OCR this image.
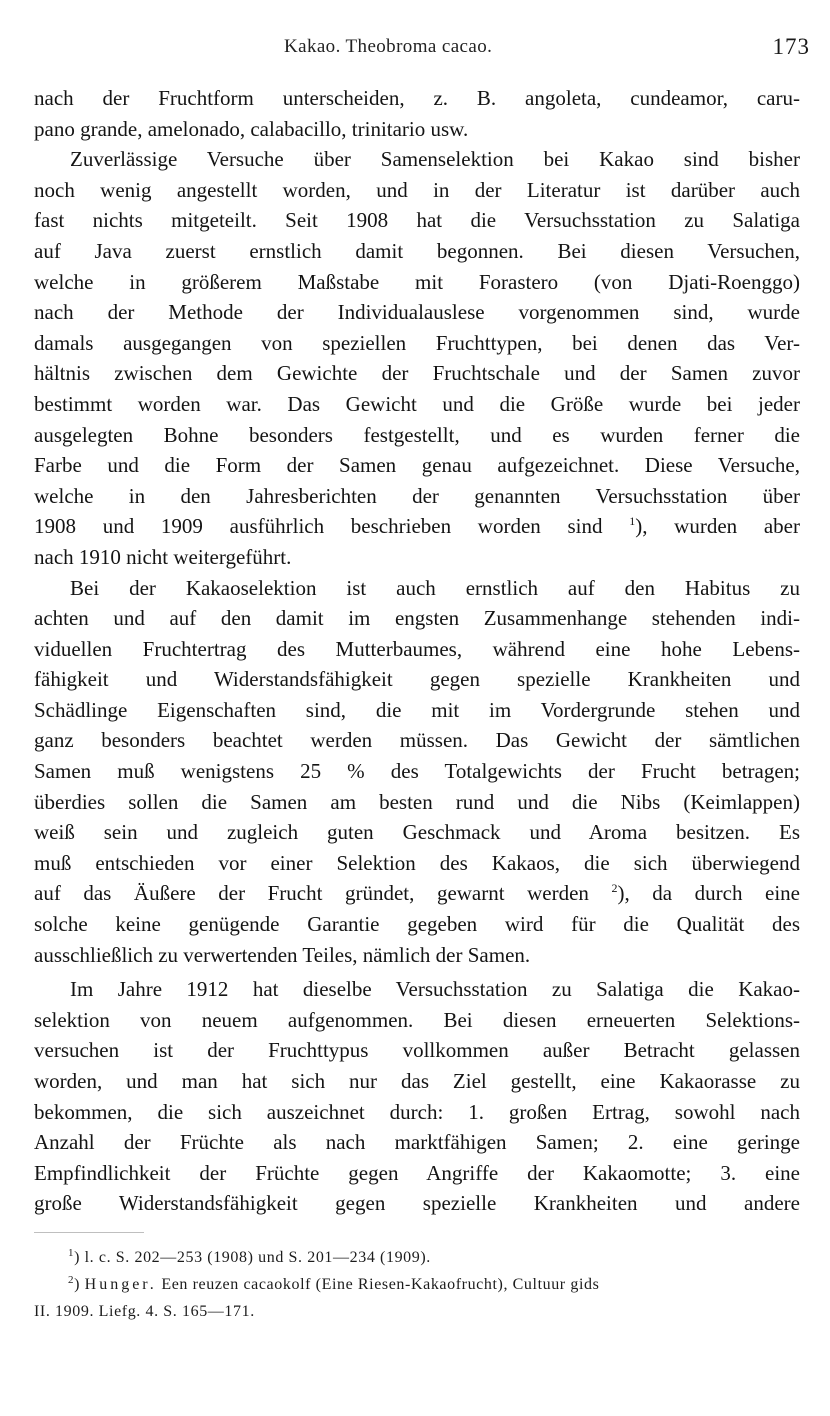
Kakao. Theobroma cacao.	173
nach der Fruchtform unterscheiden, z. B. angoleta, cundeamor, caru-
pano grande, amelonado, calabacillo, trinitario usw.
Zuverlässige Versuche über Samenselektion bei Kakao sind bisher
noch wenig angestellt worden, und in der Literatur ist darüber auch
fast nichts mitgeteilt. Seit 1908 hat die Versuchsstation zu Salatiga
auf Java zuerst ernstlich damit begonnen. Bei diesen Versuchen,
welche in größerem Maßstabe mit Forastero (von Djati-Roenggo)
nach der Methode der Individualauslese vorgenommen sind, wurde
damals ausgegangen von speziellen Fruchttypen, bei denen das Ver-
hältnis zwischen dem Gewichte der Fruchtschale und der Samen zuvor
bestimmt worden war. Das Gewicht und die Größe wurde bei jeder
ausgelegten Bohne besonders festgestellt, und es wurden ferner die
Farbe und die Form der Samen genau aufgezeichnet. Diese Versuche,
welche in den Jahresberichten der genannten Versuchsstation über
1908 und 1909 ausführlich beschrieben worden sind $^1$), wurden aber
nach 1910 nicht weitergeführt.
Bei der Kakaoselektion ist auch ernstlich auf den Habitus zu
achten und auf den damit im engsten Zusammenhange stehenden indi-
viduellen Fruchtertrag des Mutterbaumes, während eine hohe Lebens-
fähigkeit und Widerstandsfähigkeit gegen spezielle Krankheiten und
Schädlinge Eigenschaften sind, die mit im Vordergrunde stehen und
ganz besonders beachtet werden müssen. Das Gewicht der sämtlichen
Samen muß wenigstens 25 % des Totalgewichts der Frucht betragen;
überdies sollen die Samen am besten rund und die Nibs (Keimlappen)
weiß sein und zugleich guten Geschmack und Aroma besitzen. Es
muß entschieden vor einer Selektion des Kakaos, die sich überwiegend
auf das Äußere der Frucht gründet, gewarnt werden $^2$), da durch eine
solche keine genügende Garantie gegeben wird für die Qualität des
ausschließlich zu verwertenden Teiles, nämlich der Samen.
Im Jahre 1912 hat dieselbe Versuchsstation zu Salatiga die Kakao-
selektion von neuem aufgenommen. Bei diesen erneuerten Selektions-
versuchen ist der Fruchttypus vollkommen außer Betracht gelassen
worden, und man hat sich nur das Ziel gestellt, eine Kakaorasse zu
bekommen, die sich auszeichnet durch: 1. großen Ertrag, sowohl nach
Anzahl der Früchte als nach marktfähigen Samen; 2. eine geringe
Empfindlichkeit der Früchte gegen Angriffe der Kakaomotte; 3. eine
große Widerstandsfähigkeit gegen spezielle Krankheiten und andere
$^1$) l. c. S. 202—253 (1908) und S. 201—234 (1909).
$^2$) Hunger. Een reuzen cacaokolf (Eine Riesen-Kakaofrucht), Cultuur gids
II. 1909. Liefg. 4. S. 165—171.
